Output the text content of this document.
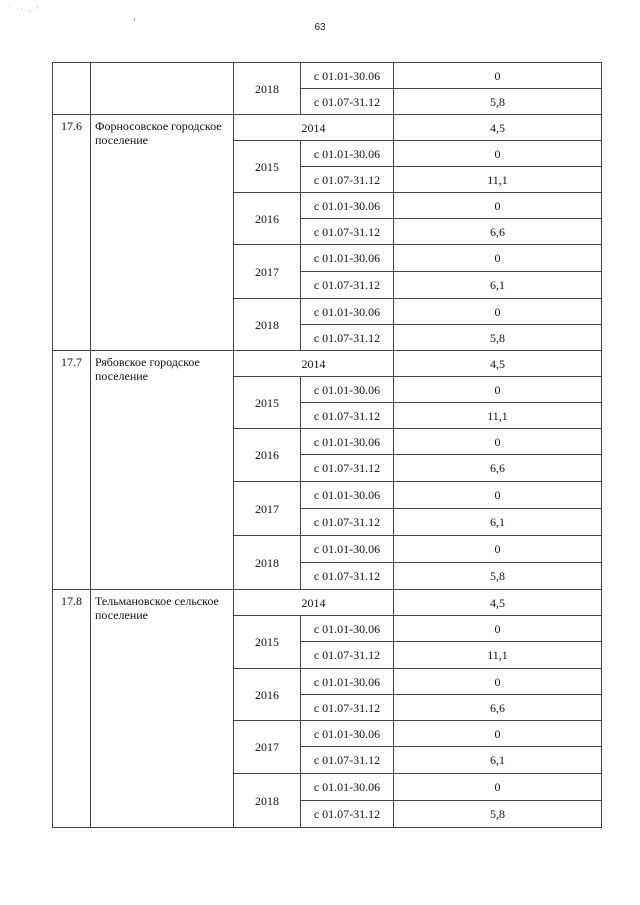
` ·· ,·'
63
		2018	с 01.01-30.06	0
			с 01.07-31.12	5,8
17.6	Форносовское городское поселение	2014		4,5
		2015	с 01.01-30.06	0
			с 01.07-31.12	11,1
		2016	с 01.01-30.06	0
			с 01.07-31.12	6,6
		2017	с 01.01-30.06	0
			с 01.07-31.12	6,1
		2018	с 01.01-30.06	0
			с 01.07-31.12	5,8
17.7	Рябовское городское поселение	2014		4,5
		2015	с 01.01-30.06	0
			с 01.07-31.12	11,1
		2016	с 01.01-30.06	0
			с 01.07-31.12	6,6
		2017	с 01.01-30.06	0
			с 01.07-31.12	6,1
		2018	с 01.01-30.06	0
			с 01.07-31.12	5,8
17.8	Тельмановское сельское поселение	2014		4,5
		2015	с 01.01-30.06	0
			с 01.07-31.12	11,1
		2016	с 01.01-30.06	0
			с 01.07-31.12	6,6
		2017	с 01.01-30.06	0
			с 01.07-31.12	6,1
		2018	с 01.01-30.06	0
			с 01.07-31.12	5,8
